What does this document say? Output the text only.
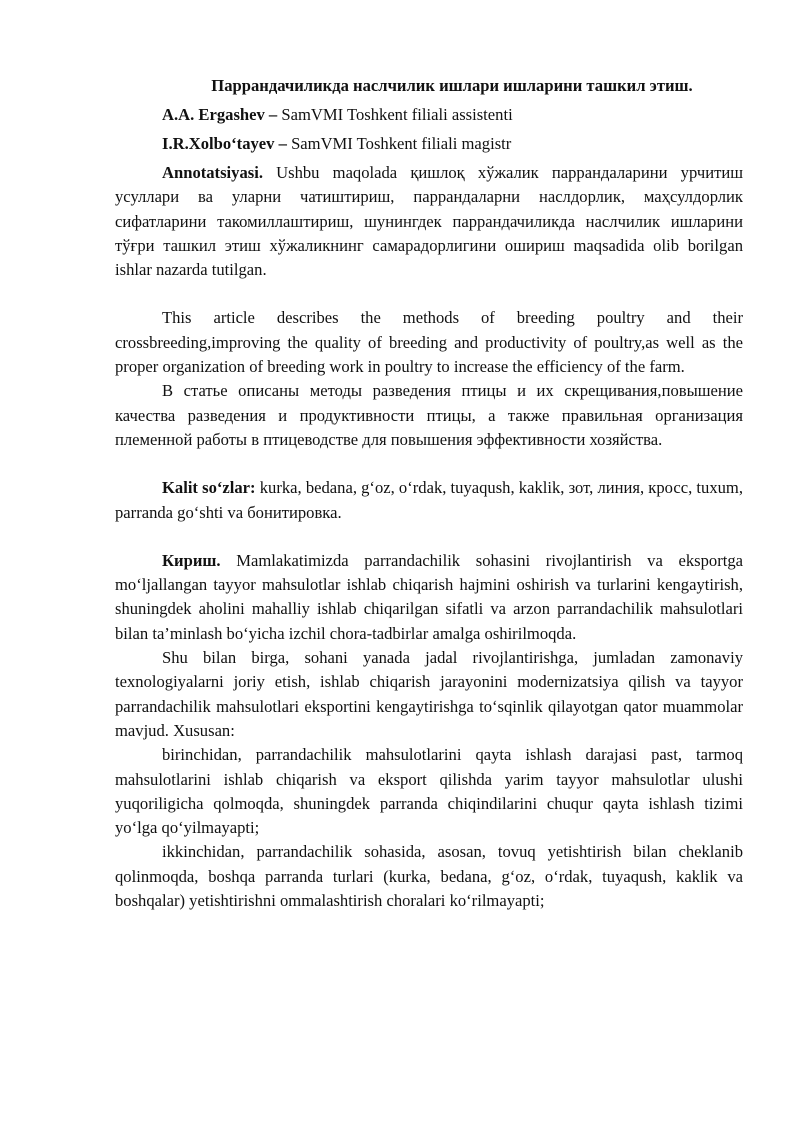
Паррандачиликда наслчилик ишлари ишларини ташкил этиш.
A.A. Ergashev – SamVMI Toshkent filiali assistenti
I.R.Xolbo‘tayev – SamVMI Toshkent filiali magistr

Annotatsiyasi. Ushbu maqolada қишлоқ хўжалик паррандаларини урчитиш усуллари ва уларни чатиштириш, паррандаларни наслдорлик, маҳсулдорлик сифатларини такомиллаштириш, шунингдек паррандачиликда наслчилик ишларини тўғри ташкил этиш хўжаликнинг самарадорлигини ошириш maqsadida olib borilgan ishlar nazarda tutilgan.

This article describes the methods of breeding poultry and their crossbreeding,improving the quality of breeding and productivity of poultry,as well as the proper organization of breeding work in poultry to increase the efficiency of the farm.

В статье описаны методы разведения птицы и их скрещивания,повышение качества разведения и продуктивности птицы, а также правильная организация племенной работы в птицеводстве для повышения эффективности хозяйства.

Kalit so‘zlar: kurka, bedana, g‘oz, o‘rdak, tuyaqush, kaklik, зот, линия, кросс, tuxum, parranda go‘shti va бонитировка.

Кириш. Mamlakatimizda parrandachilik sohasini rivojlantirish va eksportga mo‘ljallangan tayyor mahsulotlar ishlab chiqarish hajmini oshirish va turlarini kengaytirish, shuningdek aholini mahalliy ishlab chiqarilgan sifatli va arzon parrandachilik mahsulotlari bilan ta’minlash bo‘yicha izchil chora-tadbirlar amalga oshirilmoqda.

Shu bilan birga, sohani yanada jadal rivojlantirishga, jumladan zamonaviy texnologiyalarni joriy etish, ishlab chiqarish jarayonini modernizatsiya qilish va tayyor parrandachilik mahsulotlari eksportini kengaytirishga to‘sqinlik qilayotgan qator muammolar mavjud. Xususan:

birinchidan, parrandachilik mahsulotlarini qayta ishlash darajasi past, tarmoq mahsulotlarini ishlab chiqarish va eksport qilishda yarim tayyor mahsulotlar ulushi yuqoriligicha qolmoqda, shuningdek parranda chiqindilarini chuqur qayta ishlash tizimi yo‘lga qo‘yilmayapti;

ikkinchidan, parrandachilik sohasida, asosan, tovuq yetishtirish bilan cheklanib qolinmoqda, boshqa parranda turlari (kurka, bedana, g‘oz, o‘rdak, tuyaqush, kaklik va boshqalar) yetishtirishni ommalashtirish choralari ko‘rilmayapti;
